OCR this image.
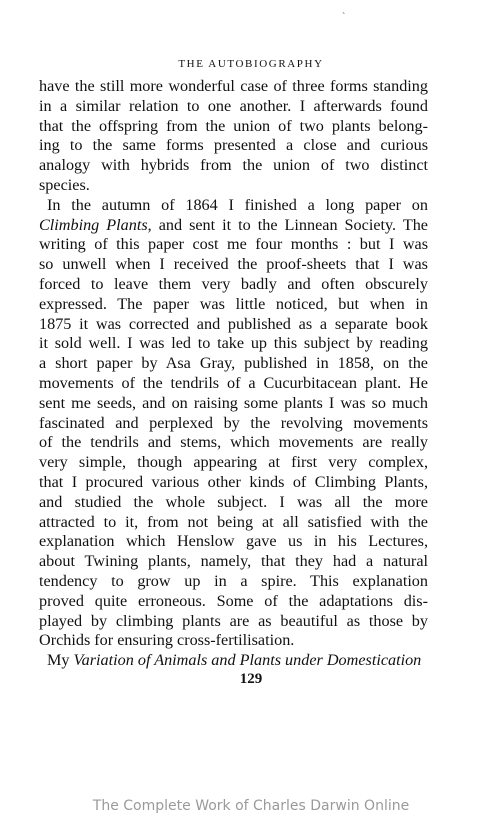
`
THE AUTOBIOGRAPHY
have the still more wonderful case of three forms standing
in a similar relation to one another. I afterwards found
that the offspring from the union of two plants belong-
ing to the same forms presented a close and curious
analogy with hybrids from the union of two distinct
species.
In the autumn of 1864 I finished a long paper on
Climbing Plants, and sent it to the Linnean Society. The
writing of this paper cost me four months : but I was
so unwell when I received the proof-sheets that I was
forced to leave them very badly and often obscurely
expressed. The paper was little noticed, but when in
1875 it was corrected and published as a separate book
it sold well. I was led to take up this subject by reading
a short paper by Asa Gray, published in 1858, on the
movements of the tendrils of a Cucurbitacean plant. He
sent me seeds, and on raising some plants I was so much
fascinated and perplexed by the revolving movements
of the tendrils and stems, which movements are really
very simple, though appearing at first very complex,
that I procured various other kinds of Climbing Plants,
and studied the whole subject. I was all the more
attracted to it, from not being at all satisfied with the
explanation which Henslow gave us in his Lectures,
about Twining plants, namely, that they had a natural
tendency to grow up in a spire. This explanation
proved quite erroneous. Some of the adaptations dis-
played by climbing plants are as beautiful as those by
Orchids for ensuring cross-fertilisation.
My Variation of Animals and Plants under Domestication
129
The Complete Work of Charles Darwin Online
